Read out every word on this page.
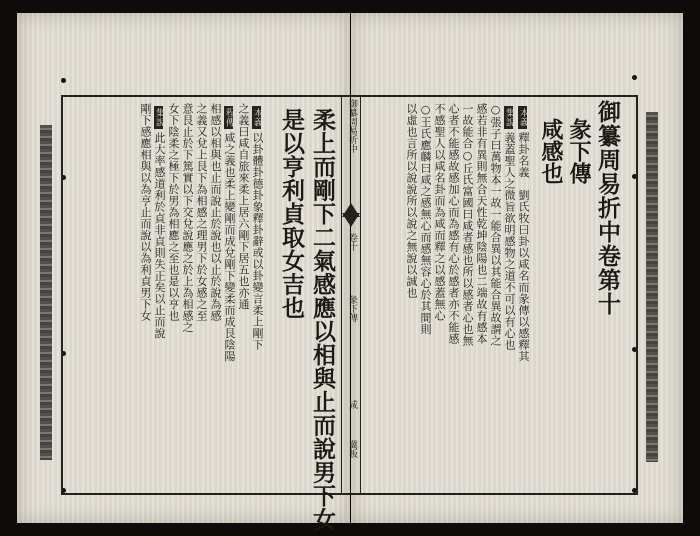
御纂周易折中卷第十
彖下傳
咸感也
本義釋卦名義　劉氏牧曰卦以咸名而彖傳以感釋其
集說義蓋聖人之微旨欲明感物之道不可以有心也
○張子曰萬物本一故一能合異以其能合異故謂之
感若非有異則無合天性乾坤陰陽也二端故有感本
一故能合○丘氏富國曰咸者感也所以感者心也無
心者不能感故感加心而為感有心於感者亦不能感
不感聖人以咸名卦而為咸而釋之以感蓋無心
○王氏應麟曰咸之感無心而感無容心於其間則
以虛也言所以說說所以說之無說以誠也
御纂周易折中
卷十
彖下傳
咸
冀板
柔上而剛下二氣感應以相與止而說男下女
是以亨利貞取女吉也
本義以卦體卦德卦象釋卦辭或以卦變言柔上剛下
之義曰咸自旅來柔上居六剛下居五也亦通
程傳咸之義也柔上變剛而成兌剛下變柔而成艮陰陽
相感以相與也止而說止於說也以止於說為感
之義又兌上艮下為相感之理男下於女感之至
意艮止於下篤實以下交兌說應之於上為相感之
女下陰柔之極下於男為相應之至也是以亨也
集說此大率感道利於貞非貞則失正矣以止而說
剛下感應相與以為亨止而說以為利貞男下女
